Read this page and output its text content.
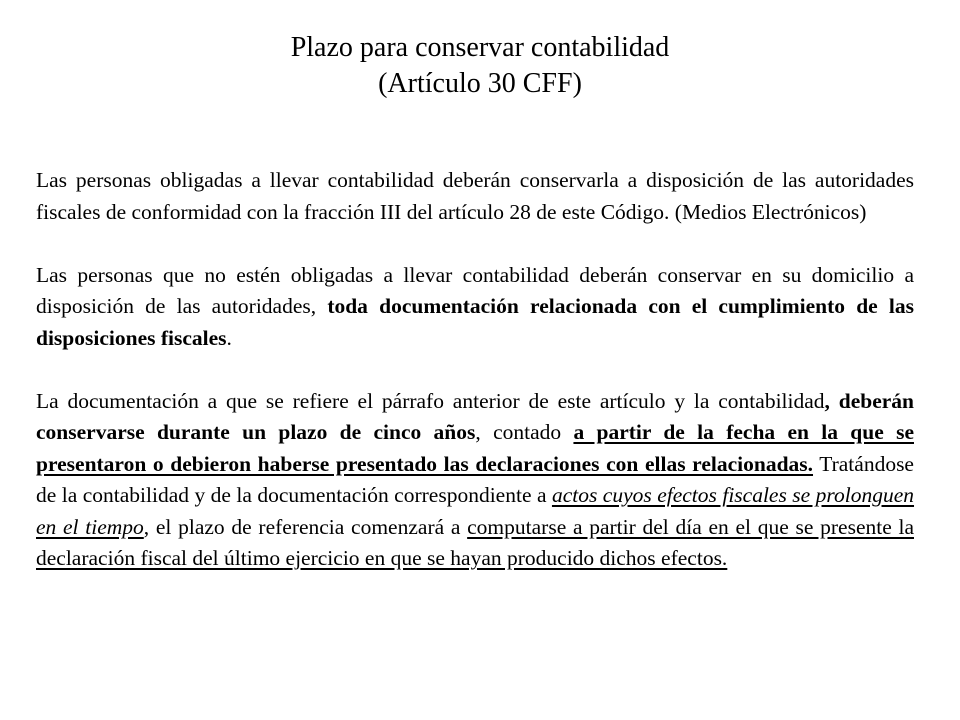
Plazo para conservar contabilidad
(Artículo 30 CFF)

Las personas obligadas a llevar contabilidad deberán conservarla a disposición de las autoridades fiscales de conformidad con la fracción III del artículo 28 de este Código. (Medios Electrónicos)

Las personas que no estén obligadas a llevar contabilidad deberán conservar en su domicilio a disposición de las autoridades, toda documentación relacionada con el cumplimiento de las disposiciones fiscales.

La documentación a que se refiere el párrafo anterior de este artículo y la contabilidad, deberán conservarse durante un plazo de cinco años, contado a partir de la fecha en la que se presentaron o debieron haberse presentado las declaraciones con ellas relacionadas. Tratándose de la contabilidad y de la documentación correspondiente a actos cuyos efectos fiscales se prolonguen en el tiempo, el plazo de referencia comenzará a computarse a partir del día en el que se presente la declaración fiscal del último ejercicio en que se hayan producido dichos efectos.
